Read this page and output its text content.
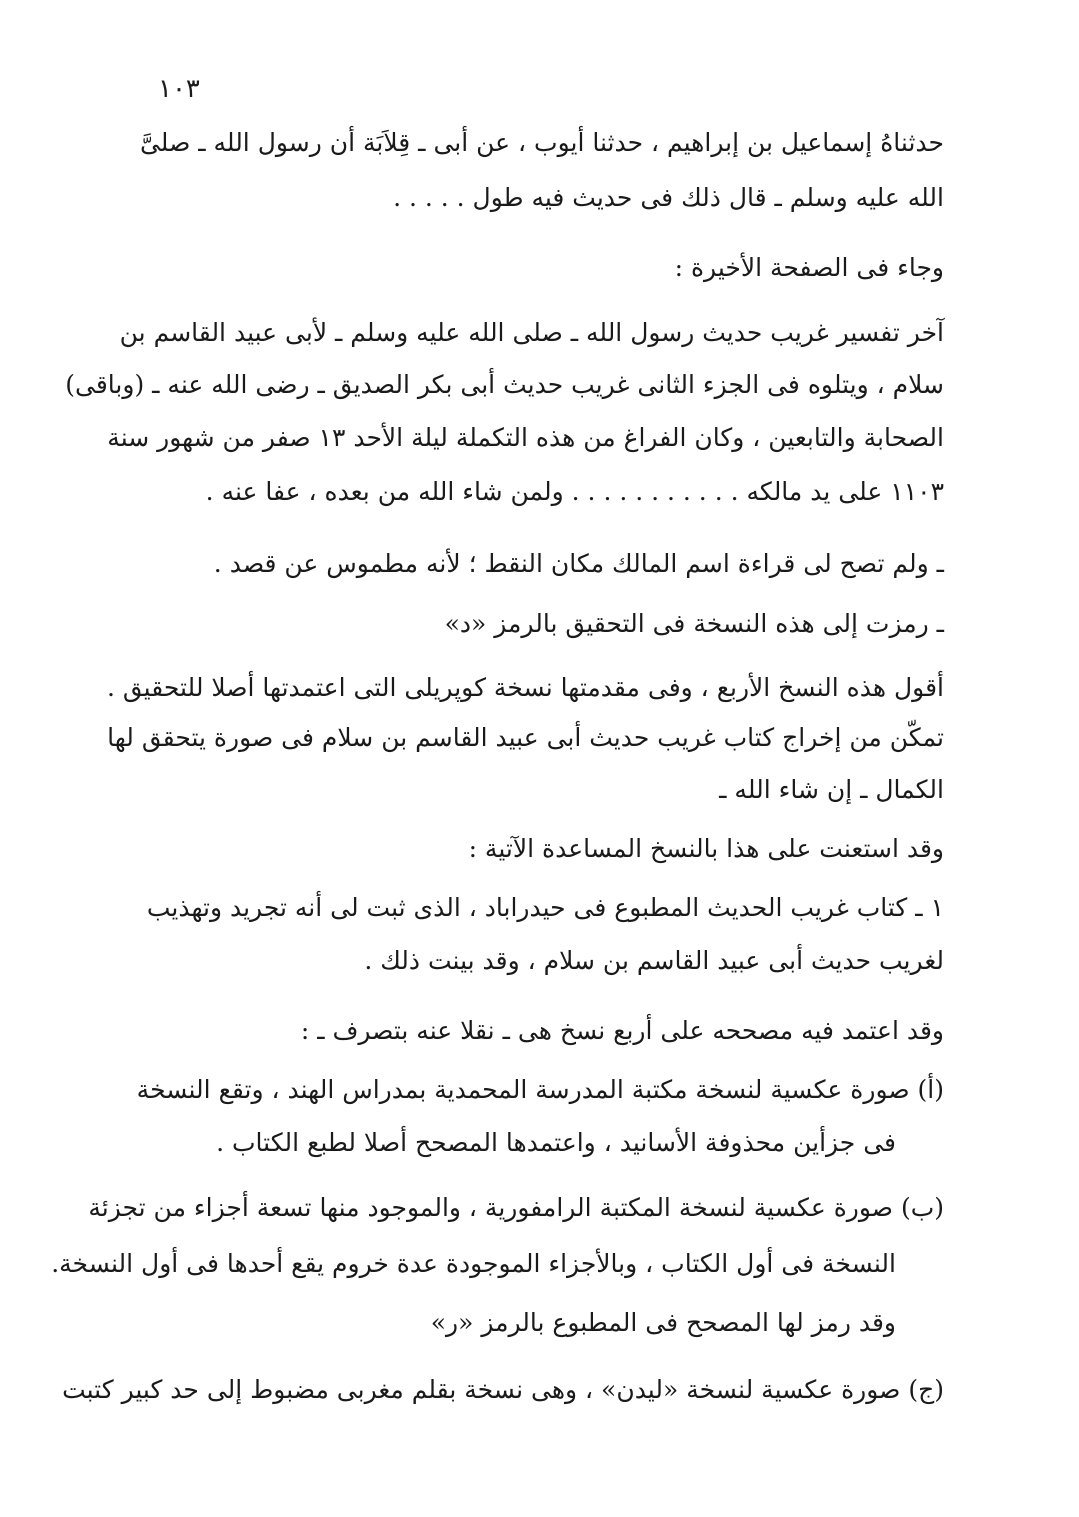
١٠٣
حدثناهُ إسماعيل بن إبراهيم ، حدثنا أيوب ، عن أبى ـ قِلاَبَة أن رسول الله ـ صلىَّ
الله عليه وسلم ـ قال ذلك فى حديث فيه طول . . . . .
وجاء فى الصفحة الأخيرة :
آخر تفسير غريب حديث رسول الله ـ صلى الله عليه وسلم ـ لأبى عبيد القاسم بن
سلام ، ويتلوه فى الجزء الثانى غريب حديث أبى بكر الصديق ـ رضى الله عنه ـ (وباقى)
الصحابة والتابعين ، وكان الفراغ من هذه التكملة ليلة الأحد ١٣ صفر من شهور سنة
١١٠٣ على يد مالكه . . . . . . . . . . . ولمن شاء الله من بعده ، عفا عنه .
ـ ولم تصح لى قراءة اسم المالك مكان النقط ؛ لأنه مطموس عن قصد .
ـ رمزت إلى هذه النسخة فى التحقيق بالرمز «د»
أقول هذه النسخ الأربع ، وفى مقدمتها نسخة كوپريلى التى اعتمدتها أصلا للتحقيق .
تمكّن من إخراج كتاب غريب حديث أبى عبيد القاسم بن سلام فى صورة يتحقق لها
الكمال ـ إن شاء الله ـ
وقد استعنت على هذا بالنسخ المساعدة الآتية :
١ ـ كتاب غريب الحديث المطبوع فى حيدراباد ، الذى ثبت لى أنه تجريد وتهذيب
لغريب حديث أبى عبيد القاسم بن سلام ، وقد بينت ذلك .
وقد اعتمد فيه مصححه على أربع نسخ هى ـ نقلا عنه بتصرف ـ :
(أ) صورة عكسية لنسخة مكتبة المدرسة المحمدية بمدراس الهند ، وتقع النسخة
فى جزأين محذوفة الأسانيد ، واعتمدها المصحح أصلا لطبع الكتاب .
(ب) صورة عكسية لنسخة المكتبة الرامفورية ، والموجود منها تسعة أجزاء من تجزئة
النسخة فى أول الكتاب ، وبالأجزاء الموجودة عدة خروم يقع أحدها فى أول النسخة.
وقد رمز لها المصحح فى المطبوع بالرمز «ر»
(ج) صورة عكسية لنسخة «ليدن» ، وهى نسخة بقلم مغربى مضبوط إلى حد كبير كتبت
